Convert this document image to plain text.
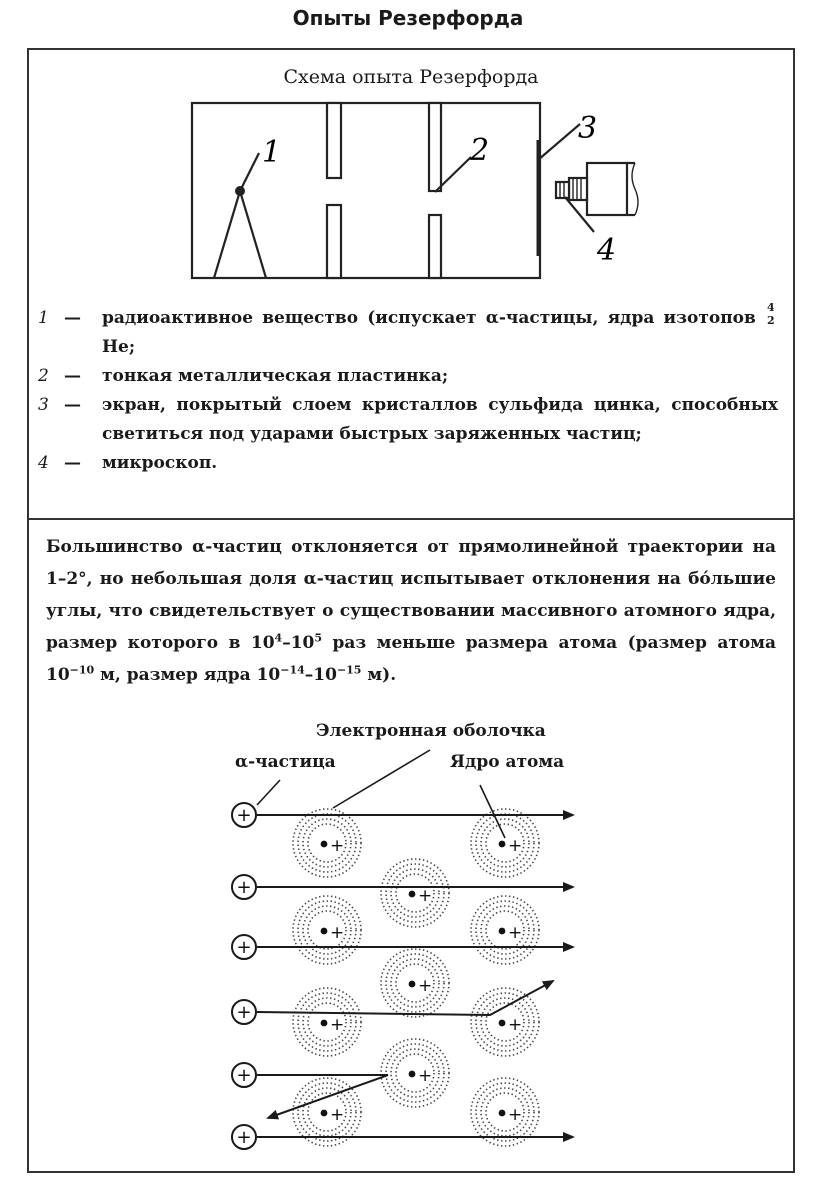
Опыты Резерфорда
Схема опыта Резерфорда
1	2
3
4
1 —	радиоактивное вещество (испускает α-частицы, ядра изотопов
4
2
He;
2 —	тонкая металлическая пластинка;
3 —	экран, покрытый слоем кристаллов сульфида цинка, способных светиться под ударами быстрых заряженных частиц;
4 —	микроскоп.
Большинство α-частиц отклоняется от прямолинейной траектории на 1–2°, но небольшая доля α-частиц испытывает отклонения на бо́льшие углы, что свидетельствует о существовании массивного атомного ядра, размер которого в $10^4-10^5$ раз меньше размера атома (размер атома $10^{-10}$ м, размер ядра $10^{-14}-10^{-15}$ м).
Электронная оболочка
α-частица	Ядро атома
+	+
+
+	+
+
+	+
+
+	+
+
+
+
+
+
+
